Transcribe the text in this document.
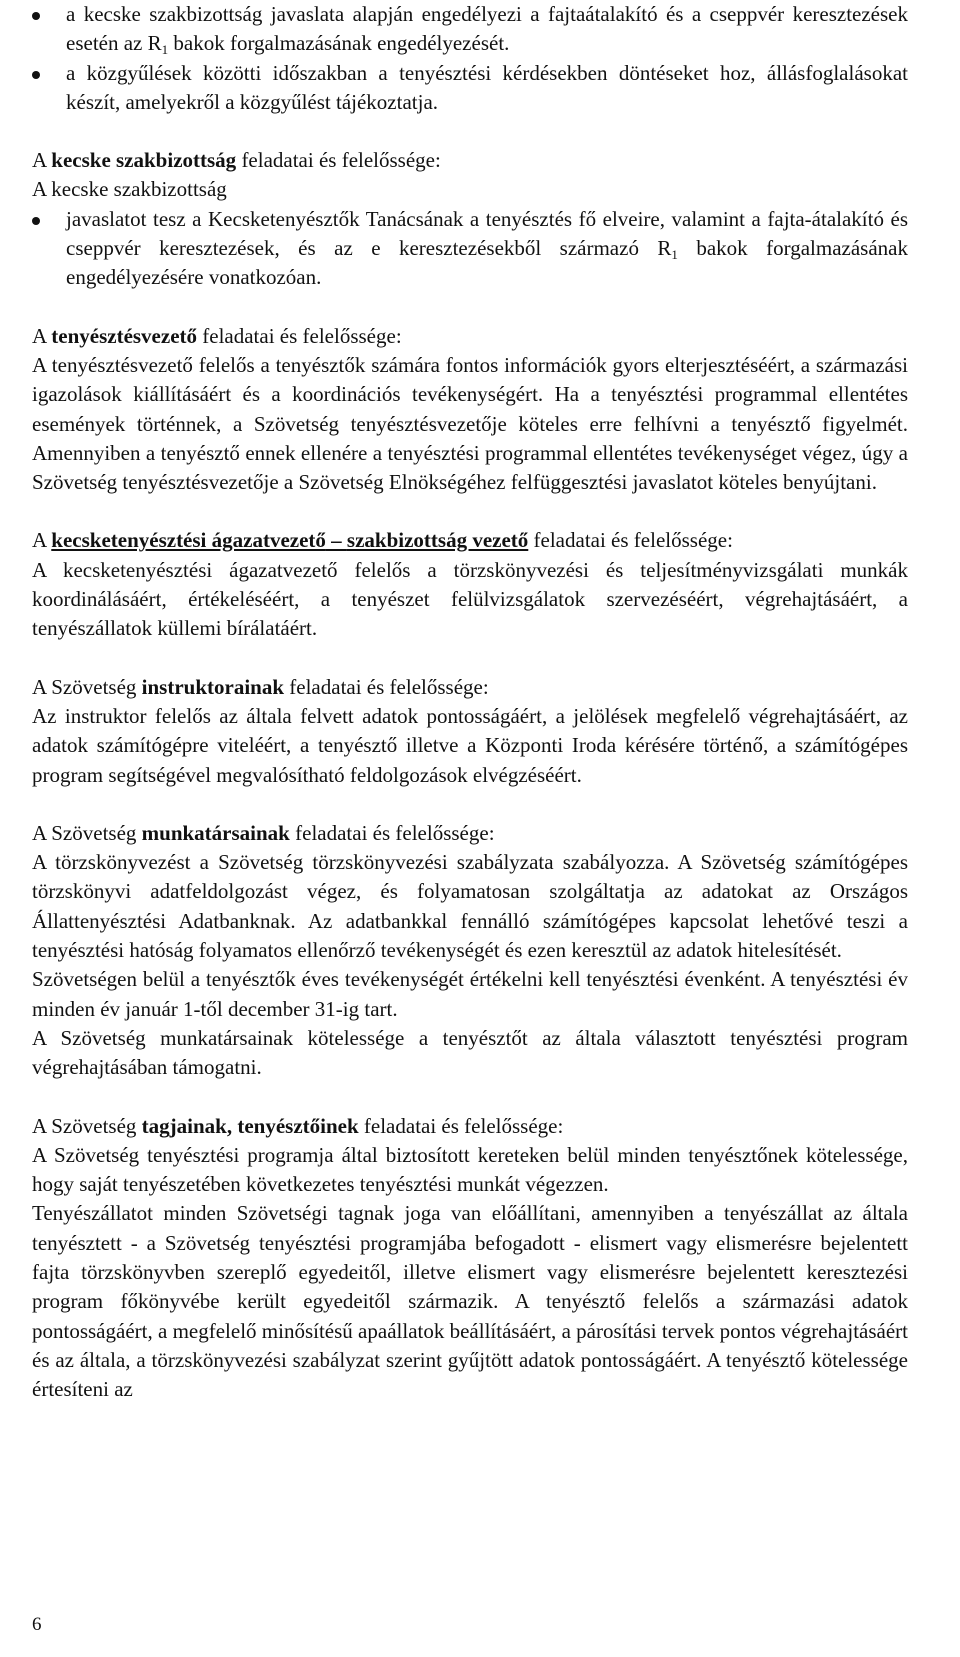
a kecske szakbizottság javaslata alapján engedélyezi a fajtaátalakító és a cseppvér keresztezések esetén az $R_1$ bakok forgalmazásának engedélyezését.
a közgyűlések közötti időszakban a tenyésztési kérdésekben döntéseket hoz, állásfoglalásokat készít, amelyekről a közgyűlést tájékoztatja.

A kecske szakbizottság feladatai és felelőssége:

A kecske szakbizottság

javaslatot tesz a Kecsketenyésztők Tanácsának a tenyésztés fő elveire, valamint a fajta-átalakító és cseppvér keresztezések, és az e keresztezésekből származó $R_1$ bakok forgalmazásának engedélyezésére vonatkozóan.

A tenyésztésvezető feladatai és felelőssége:

A tenyésztésvezető felelős a tenyésztők számára fontos információk gyors elterjesztéséért, a származási igazolások kiállításáért és a koordinációs tevékenységért. Ha a tenyésztési programmal ellentétes események történnek, a Szövetség tenyésztésvezetője köteles erre felhívni a tenyésztő figyelmét. Amennyiben a tenyésztő ennek ellenére a tenyésztési programmal ellentétes tevékenységet végez, úgy a Szövetség tenyésztésvezetője a Szövetség Elnökségéhez felfüggesztési javaslatot köteles benyújtani.

A kecsketenyésztési ágazatvezető – szakbizottság vezető feladatai és felelőssége:

A kecsketenyésztési ágazatvezető felelős a törzskönyvezési és teljesítményvizsgálati munkák koordinálásáért, értékeléséért, a tenyészet felülvizsgálatok szervezéséért, végrehajtásáért, a tenyészállatok küllemi bírálatáért.

A Szövetség instruktorainak feladatai és felelőssége:

Az instruktor felelős az általa felvett adatok pontosságáért, a jelölések megfelelő végrehajtásáért, az adatok számítógépre viteléért, a tenyésztő illetve a Központi Iroda kérésére történő, a számítógépes program segítségével megvalósítható feldolgozások elvégzéséért.

A Szövetség munkatársainak feladatai és felelőssége:

A törzskönyvezést a Szövetség törzskönyvezési szabályzata szabályozza. A Szövetség számítógépes törzskönyvi adatfeldolgozást végez, és folyamatosan szolgáltatja az adatokat az Országos Állattenyésztési Adatbanknak. Az adatbankkal fennálló számítógépes kapcsolat lehetővé teszi a tenyésztési hatóság folyamatos ellenőrző tevékenységét és ezen keresztül az adatok hitelesítését.

Szövetségen belül a tenyésztők éves tevékenységét értékelni kell tenyésztési évenként. A tenyésztési év minden év január 1-től december 31-ig tart.

A Szövetség munkatársainak kötelessége a tenyésztőt az általa választott tenyésztési program végrehajtásában támogatni.

A Szövetség tagjainak, tenyésztőinek feladatai és felelőssége:

A Szövetség tenyésztési programja által biztosított kereteken belül minden tenyésztőnek kötelessége, hogy saját tenyészetében következetes tenyésztési munkát végezzen.

Tenyészállatot minden Szövetségi tagnak joga van előállítani, amennyiben a tenyészállat az általa tenyésztett - a Szövetség tenyésztési programjába befogadott - elismert vagy elismerésre bejelentett fajta törzskönyvben szereplő egyedeitől, illetve elismert vagy elismerésre bejelentett keresztezési program főkönyvébe került egyedeitől származik. A tenyésztő felelős a származási adatok pontosságáért, a megfelelő minősítésű apaállatok beállításáért, a párosítási tervek pontos végrehajtásáért és az általa, a törzskönyvezési szabályzat szerint gyűjtött adatok pontosságáért. A tenyésztő kötelessége értesíteni az

6
